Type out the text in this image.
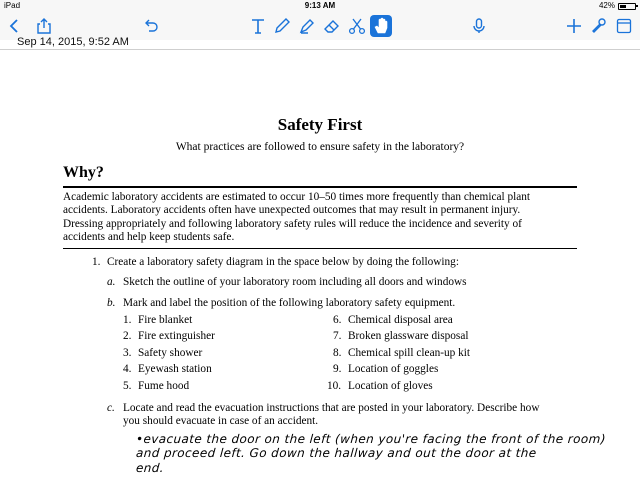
iPad	9:13 AM	42%
Sep 14, 2015, 9:52 AM
Safety First
What practices are followed to ensure safety in the laboratory?
Why?
Academic laboratory accidents are estimated to occur 10–50 times more frequently than chemical plant
accidents. Laboratory accidents often have unexpected outcomes that may result in permanent injury.
Dressing appropriately and following laboratory safety rules will reduce the incidence and severity of
accidents and help keep students safe.
1. Create a laboratory safety diagram in the space below by doing the following:
a. Sketch the outline of your laboratory room including all doors and windows
b. Mark and label the position of the following laboratory safety equipment.
1. Fire blanket
2. Fire extinguisher
3. Safety shower
4. Eyewash station
5. Fume hood
6. Chemical disposal area
7. Broken glassware disposal
8. Chemical spill clean-up kit
9. Location of goggles
10. Location of gloves
c. Locate and read the evacuation instructions that are posted in your laboratory. Describe how
you should evacuate in case of an accident.
•evacuate the door on the left (when you're facing the front of the room)
and proceed left. Go down the hallway and out the door at the
end.
